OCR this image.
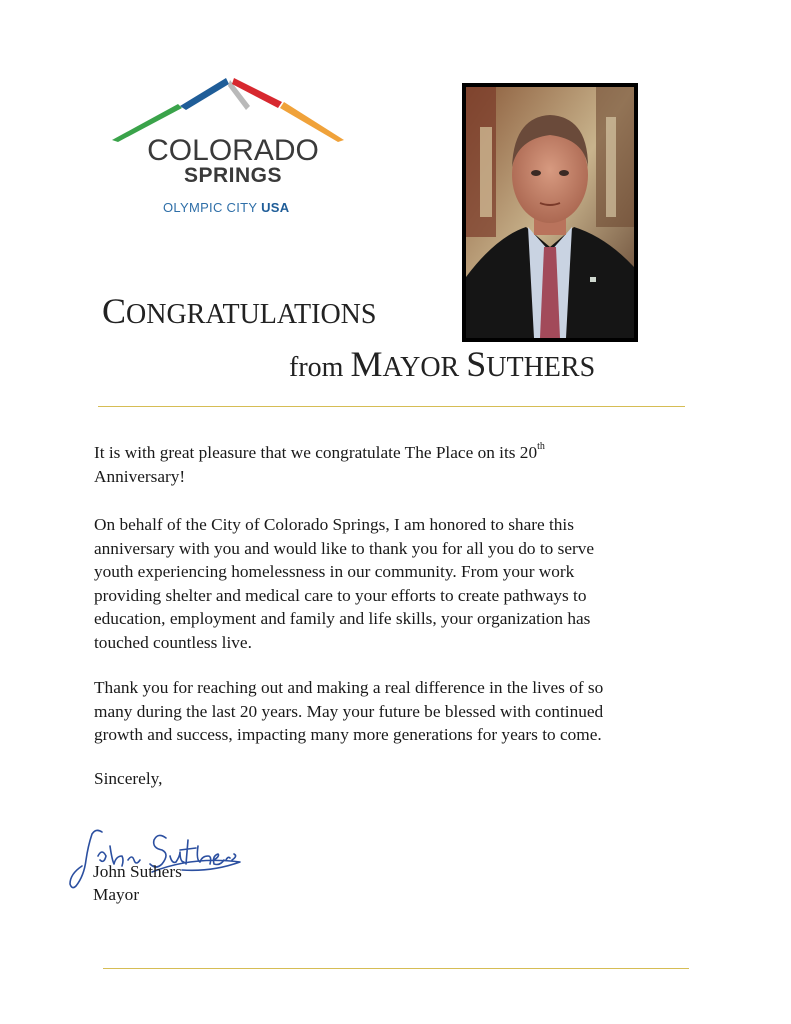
COLORADO
SPRINGS
OLYMPIC CITY USA
CONGRATULATIONS
from MAYOR SUTHERS
It is with great pleasure that we congratulate The Place on its 20th
Anniversary!
On behalf of the City of Colorado Springs, I am honored to share this
anniversary with you and would like to thank you for all you do to serve
youth experiencing homelessness in our community. From your work
providing shelter and medical care to your efforts to create pathways to
education, employment and family and life skills, your organization has
touched countless live.
Thank you for reaching out and making a real difference in the lives of so
many during the last 20 years. May your future be blessed with continued
growth and success, impacting many more generations for years to come.
Sincerely,
John Suthers
Mayor
